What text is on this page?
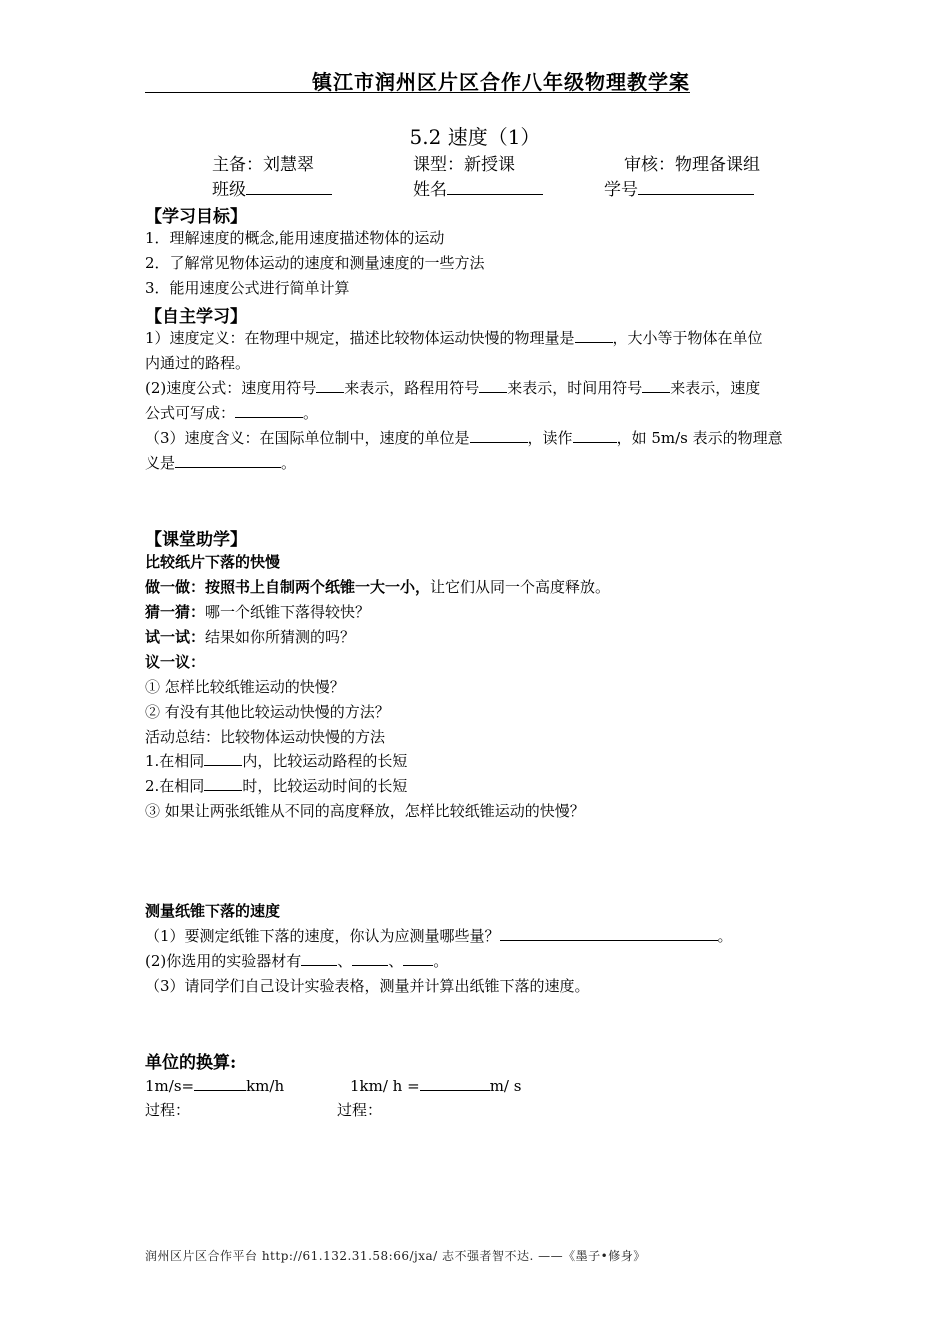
镇江市润州区片区合作八年级物理教学案
5.2 速度（1）
主备：刘慧翠	课型：新授课	审核：物理备课组
班级	姓名	学号
【学习目标】
1．理解速度的概念,能用速度描述物体的运动
2．了解常见物体运动的速度和测量速度的一些方法
3．能用速度公式进行简单计算
【自主学习】
1）速度定义：在物理中规定，描述比较物体运动快慢的物理量是	，大小等于物体在单位
内通过的路程。
(2)速度公式：速度用符号 来表示，路程用符号 来表示，时间用符号 来表示，速度
公式可写成：	。
（3）速度含义：在国际单位制中，速度的单位是	，读作	，如 5m/s 表示的物理意
义是	。
【课堂助学】
比较纸片下落的快慢
做一做：按照书上自制两个纸锥一大一小，让它们从同一个高度释放。
猜一猜：哪一个纸锥下落得较快？
试一试：结果如你所猜测的吗？
议一议：
① 怎样比较纸锥运动的快慢？
② 有没有其他比较运动快慢的方法？
活动总结：比较物体运动快慢的方法
1.在相同	内，比较运动路程的长短
2.在相同	时，比较运动时间的长短
③ 如果让两张纸锥从不同的高度释放，怎样比较纸锥运动的快慢？
测量纸锥下落的速度
（1）要测定纸锥下落的速度，你认为应测量哪些量？	。
(2)你选用的实验器材有 、 、 。
（3）请同学们自己设计实验表格，测量并计算出纸锥下落的速度。
单位的换算:
1m/s=	km/h	1km/ h =	m/ s
过程：	过程：
润州区片区合作平台 http://61.132.31.58:66/jxa/ 志不强者智不达. ——《墨子•修身》
